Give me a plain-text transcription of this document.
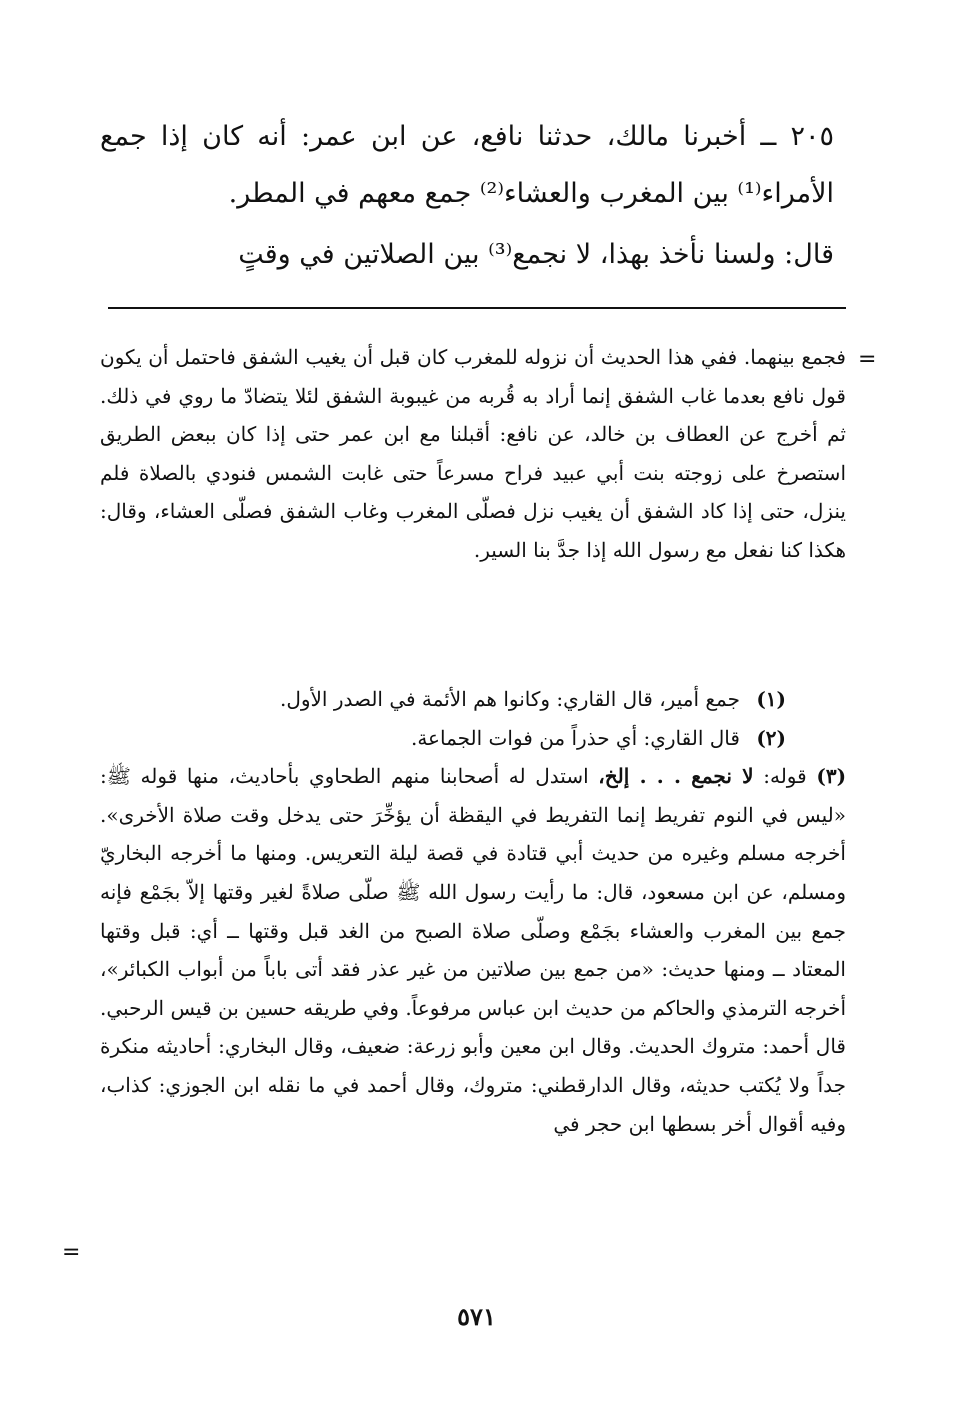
٢٠٥ ــ أخبرنا مالك، حدثنا نافع، عن ابن عمر: أنه كان إذا جمع الأمراء⁽¹⁾ بين المغرب والعشاء⁽²⁾ جمع معهم في المطر.

قال: ولسنا نأخذ بهذا، لا نجمع⁽³⁾ بين الصلاتين في وقتٍ

=

فجمع بينهما. ففي هذا الحديث أن نزوله للمغرب كان قبل أن يغيب الشفق فاحتمل أن يكون قول نافع بعدما غاب الشفق إنما أراد به قُربه من غيبوبة الشفق لئلا يتضادّ ما روي في ذلك. ثم أخرج عن العطاف بن خالد، عن نافع: أقبلنا مع ابن عمر حتى إذا كان ببعض الطريق استصرخ على زوجته بنت أبي عبيد فراح مسرعاً حتى غابت الشمس فنودي بالصلاة فلم ينزل، حتى إذا كاد الشفق أن يغيب نزل فصلّى المغرب وغاب الشفق فصلّى العشاء، وقال: هكذا كنا نفعل مع رسول الله إذا جدَّ بنا السير.

(١) جمع أمير، قال القاري: وكانوا هم الأئمة في الصدر الأول.

(٢) قال القاري: أي حذراً من فوات الجماعة.

(٣) قوله: لا نجمع . . . إلخ، استدل له أصحابنا منهم الطحاوي بأحاديث، منها قوله ﷺ: «ليس في النوم تفريط إنما التفريط في اليقظة أن يؤخِّرَ حتى يدخل وقت صلاة الأخرى». أخرجه مسلم وغيره من حديث أبي قتادة في قصة ليلة التعريس. ومنها ما أخرجه البخاريّ ومسلم، عن ابن مسعود، قال: ما رأيت رسول الله ﷺ صلّى صلاةً لغير وقتها إلاّ بجَمْع فإنه جمع بين المغرب والعشاء بجَمْع وصلّى صلاة الصبح من الغد قبل وقتها ــ أي: قبل وقتها المعتاد ــ ومنها حديث: «من جمع بين صلاتين من غير عذر فقد أتى باباً من أبواب الكبائر»، أخرجه الترمذي والحاكم من حديث ابن عباس مرفوعاً. وفي طريقه حسين بن قيس الرحبي. قال أحمد: متروك الحديث. وقال ابن معين وأبو زرعة: ضعيف، وقال البخاري: أحاديثه منكرة جداً ولا يُكتب حديثه، وقال الدارقطني: متروك، وقال أحمد في ما نقله ابن الجوزي: كذاب، وفيه أقوال أخر بسطها ابن حجر في

=
٥٧١
